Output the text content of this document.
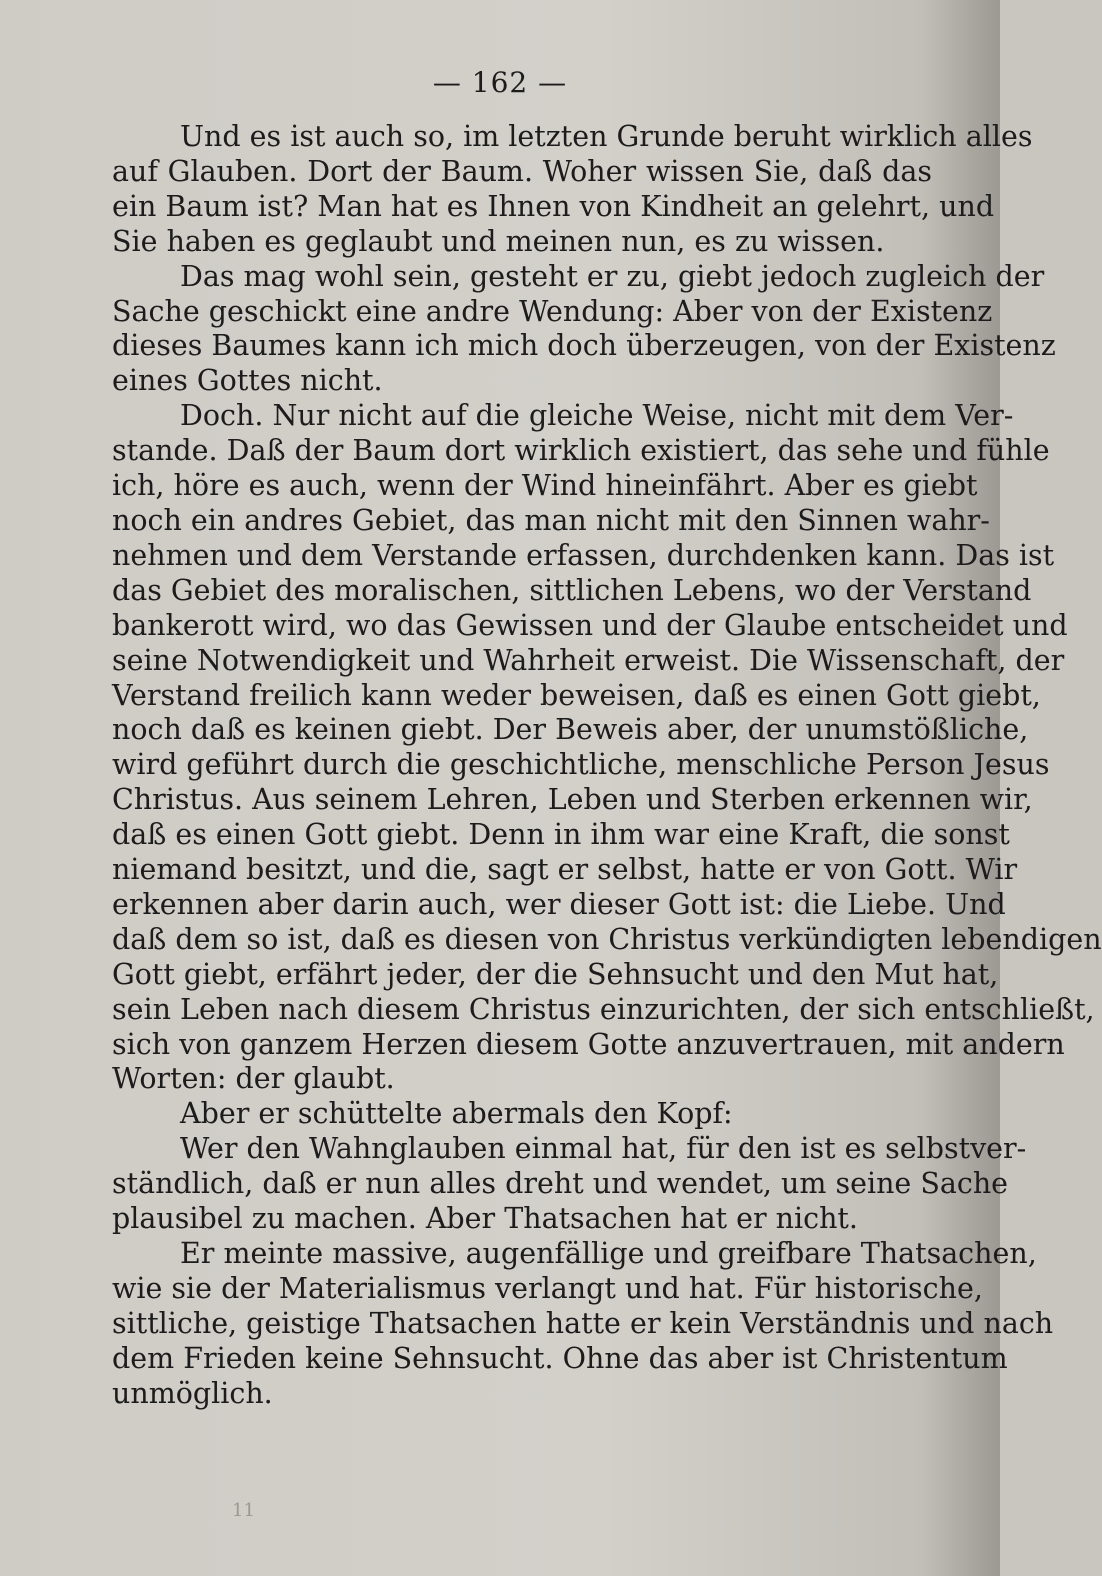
— 162 —
Und es ist auch so, im letzten Grunde beruht wirklich alles
auf Glauben. Dort der Baum. Woher wissen Sie, daß das
ein Baum ist? Man hat es Ihnen von Kindheit an gelehrt, und
Sie haben es geglaubt und meinen nun, es zu wissen.
Das mag wohl sein, gesteht er zu, giebt jedoch zugleich der
Sache geschickt eine andre Wendung: Aber von der Existenz
dieses Baumes kann ich mich doch überzeugen, von der Existenz
eines Gottes nicht.
Doch. Nur nicht auf die gleiche Weise, nicht mit dem Ver-
stande. Daß der Baum dort wirklich existiert, das sehe und fühle
ich, höre es auch, wenn der Wind hineinfährt. Aber es giebt
noch ein andres Gebiet, das man nicht mit den Sinnen wahr-
nehmen und dem Verstande erfassen, durchdenken kann. Das ist
das Gebiet des moralischen, sittlichen Lebens, wo der Verstand
bankerott wird, wo das Gewissen und der Glaube entscheidet und
seine Notwendigkeit und Wahrheit erweist. Die Wissenschaft, der
Verstand freilich kann weder beweisen, daß es einen Gott giebt,
noch daß es keinen giebt. Der Beweis aber, der unumstößliche,
wird geführt durch die geschichtliche, menschliche Person Jesus
Christus. Aus seinem Lehren, Leben und Sterben erkennen wir,
daß es einen Gott giebt. Denn in ihm war eine Kraft, die sonst
niemand besitzt, und die, sagt er selbst, hatte er von Gott. Wir
erkennen aber darin auch, wer dieser Gott ist: die Liebe. Und
daß dem so ist, daß es diesen von Christus verkündigten lebendigen
Gott giebt, erfährt jeder, der die Sehnsucht und den Mut hat,
sein Leben nach diesem Christus einzurichten, der sich entschließt,
sich von ganzem Herzen diesem Gotte anzuvertrauen, mit andern
Worten: der glaubt.
Aber er schüttelte abermals den Kopf:
Wer den Wahnglauben einmal hat, für den ist es selbstver-
ständlich, daß er nun alles dreht und wendet, um seine Sache
plausibel zu machen. Aber Thatsachen hat er nicht.
Er meinte massive, augenfällige und greifbare Thatsachen,
wie sie der Materialismus verlangt und hat. Für historische,
sittliche, geistige Thatsachen hatte er kein Verständnis und nach
dem Frieden keine Sehnsucht. Ohne das aber ist Christentum
unmöglich.
11
